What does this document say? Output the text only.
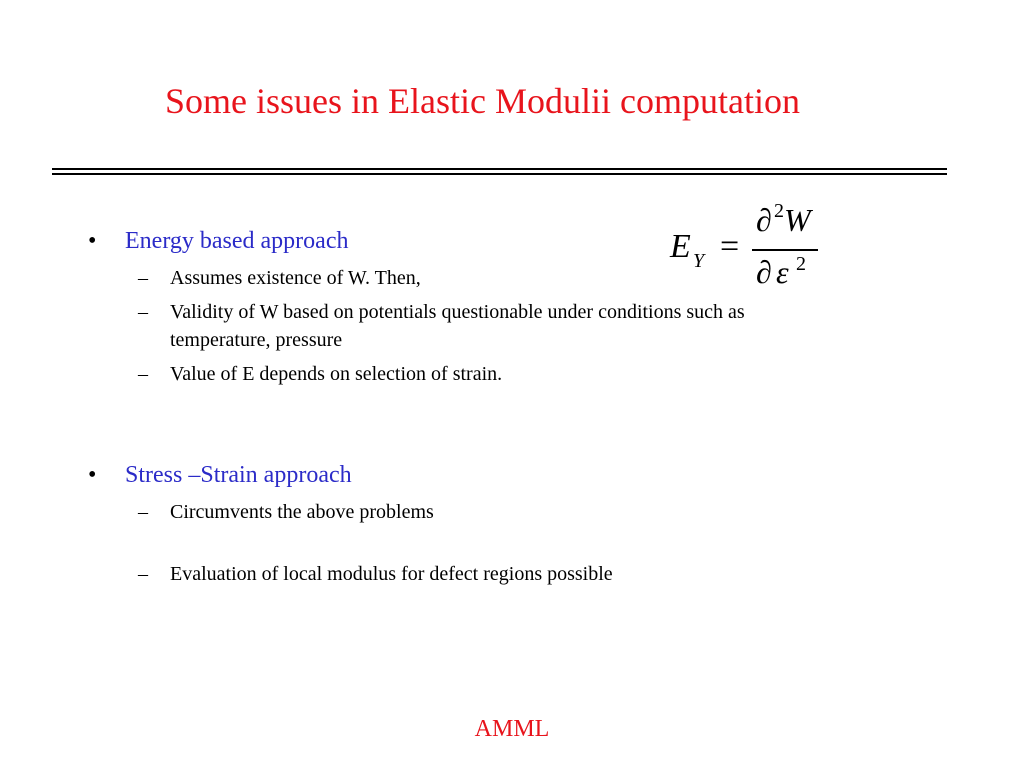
Some issues in Elastic Modulii computation
• Energy based approach
– Assumes existence of W. Then,
– Validity of W based on potentials questionable under conditions such as
temperature, pressure
– Value of E depends on selection of strain.
• Stress –Strain approach
– Circumvents the above problems
– Evaluation of local modulus for defect regions possible
E Y =
∂ 2 W
∂ ε 2
AMML
